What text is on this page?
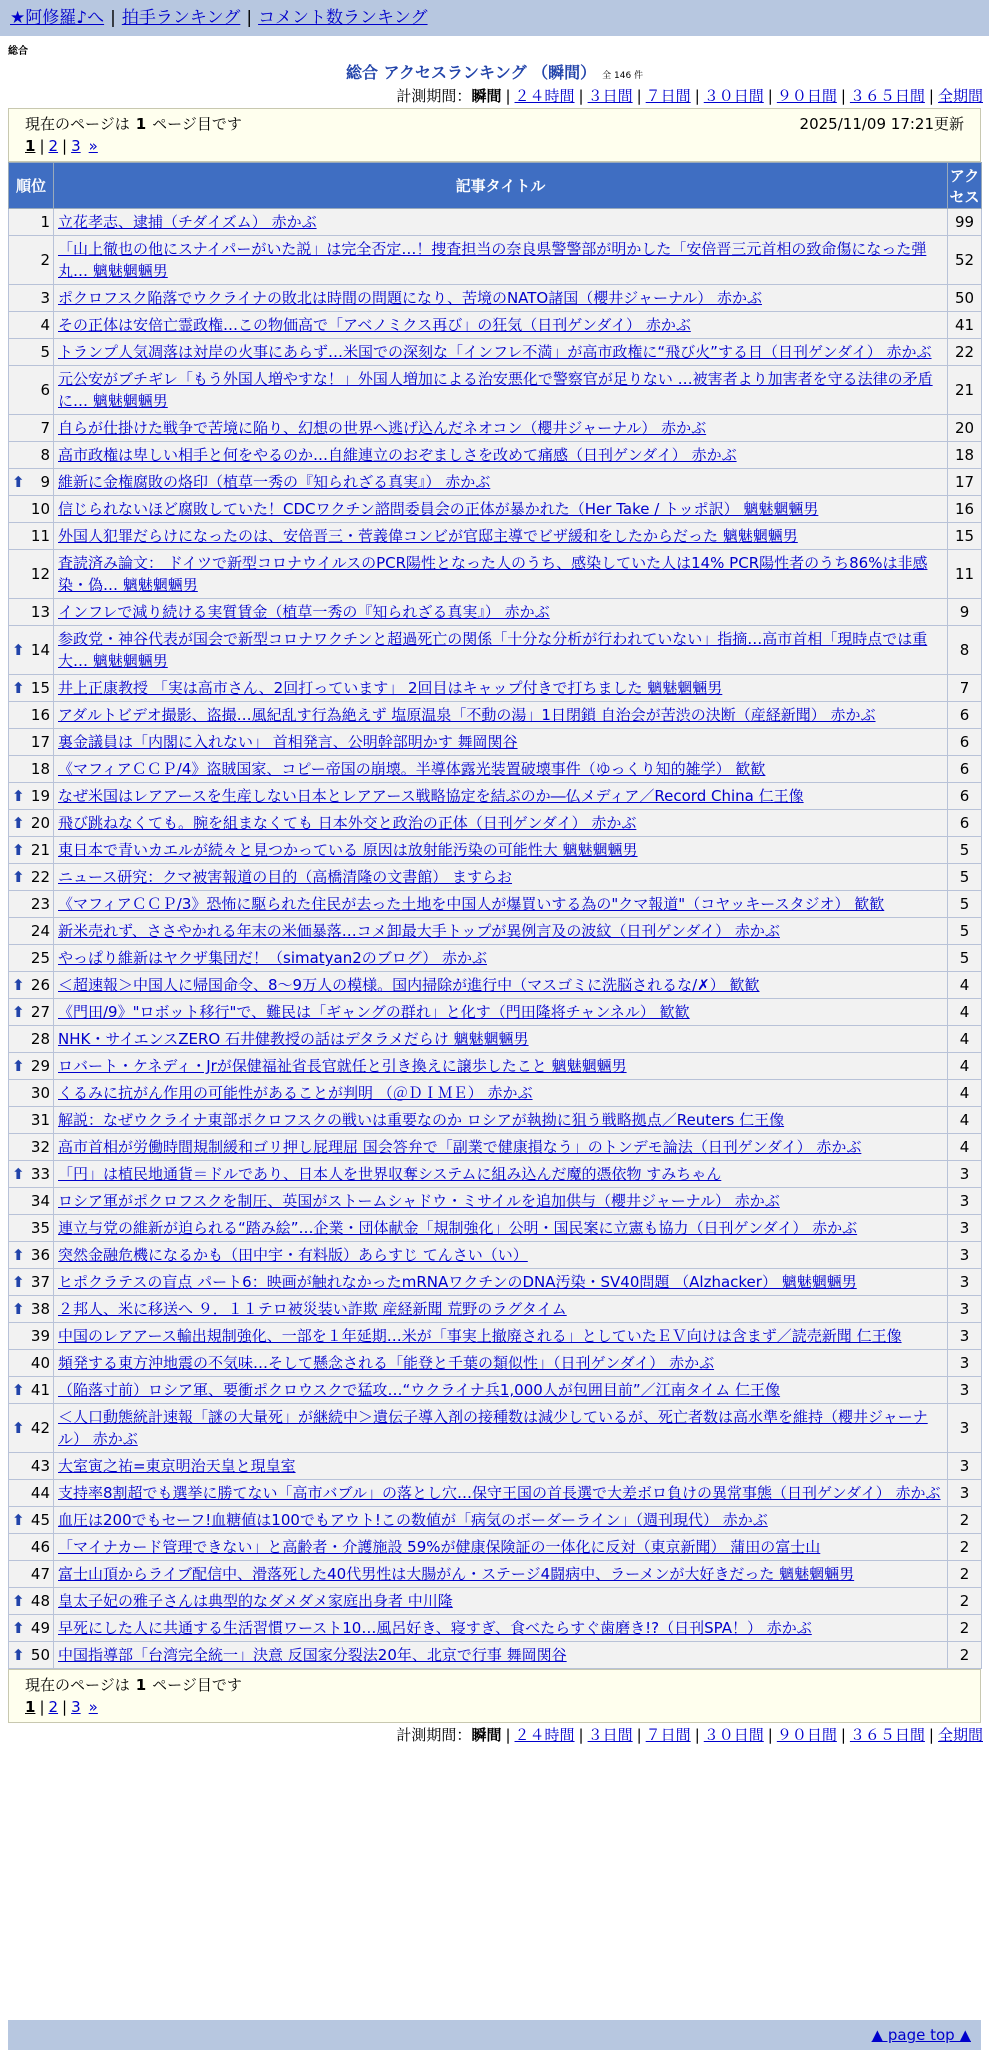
★阿修羅♪へ | 拍手ランキング | コメント数ランキング
総合
総合 アクセスランキング （瞬間） 全 146 件
計測期間：瞬間 | ２４時間 | ３日間 | ７日間 | ３０日間 | ９０日間 | ３６５日間 | 全期間
現在のページは 1 ページ目です	2025/11/09 17:21更新
1 | 2 | 3 »
順位	記事タイトル	アクセス
1	立花孝志、逮捕（チダイズム） 赤かぶ	99
2	「山上徹也の他にスナイパーがいた説」は完全否定…！捜査担当の奈良県警警部が明かした「安倍晋三元首相の致命傷になった弾丸… 魑魅魍魎男	52
3	ポクロフスク陥落でウクライナの敗北は時間の問題になり、苦境のNATO諸国（櫻井ジャーナル） 赤かぶ	50
4	その正体は安倍亡霊政権…この物価高で「アベノミクス再び」の狂気（日刊ゲンダイ） 赤かぶ	41
5	トランプ人気凋落は対岸の火事にあらず…米国での深刻な「インフレ不満」が高市政権に“飛び火”する日（日刊ゲンダイ） 赤かぶ	22
6	元公安がブチギレ「もう外国人増やすな！」外国人増加による治安悪化で警察官が足りない …被害者より加害者を守る法律の矛盾に… 魑魅魍魎男	21
7	自らが仕掛けた戦争で苦境に陥り、幻想の世界へ逃げ込んだネオコン（櫻井ジャーナル） 赤かぶ	20
8	高市政権は卑しい相手と何をやるのか…自維連立のおぞましさを改めて痛感（日刊ゲンダイ） 赤かぶ	18

⬆ 9	維新に金権腐敗の烙印（植草一秀の『知られざる真実』） 赤かぶ	17
10	信じられないほど腐敗していた！CDCワクチン諮問委員会の正体が暴かれた（Her Take / トッポ訳） 魑魅魍魎男	16
11	外国人犯罪だらけになったのは、安倍晋三・菅義偉コンビが官邸主導でビザ緩和をしたからだった 魑魅魍魎男	15
12	査読済み論文： ドイツで新型コロナウイルスのPCR陽性となった人のうち、感染していた人は14% PCR陽性者のうち86%は非感染・偽… 魑魅魍魎男	11
13	インフレで減り続ける実質賃金（植草一秀の『知られざる真実』） 赤かぶ	9

⬆ 14	参政党・神谷代表が国会で新型コロナワクチンと超過死亡の関係「十分な分析が行われていない」指摘…高市首相「現時点では重大… 魑魅魍魎男	8

⬆ 15	井上正康教授 「実は高市さん、2回打っています」 2回目はキャップ付きで打ちました 魑魅魍魎男	7
16	アダルトビデオ撮影、盗撮…風紀乱す行為絶えず 塩原温泉「不動の湯」1日閉鎖 自治会が苦渋の決断（産経新聞） 赤かぶ	6
17	裏金議員は「内閣に入れない」 首相発言、公明幹部明かす 舞岡関谷	6
18	《マフィアＣＣＰ/4》盗賊国家、コピー帝国の崩壊。半導体露光装置破壊事件（ゆっくり知的雑学） 歓歓	6

⬆ 19	なぜ米国はレアアースを生産しない日本とレアアース戦略協定を結ぶのか―仏メディア／Record China 仁王像	6

⬆ 20	飛び跳ねなくても。腕を組まなくても 日本外交と政治の正体（日刊ゲンダイ） 赤かぶ	6

⬆ 21	東日本で青いカエルが続々と見つかっている 原因は放射能汚染の可能性大 魑魅魍魎男	5

⬆ 22	ニュース研究：クマ被害報道の目的（高橋清隆の文書館） ますらお	5
23	《マフィアＣＣＰ/3》恐怖に駆られた住民が去った土地を中国人が爆買いする為の"クマ報道"（コヤッキースタジオ） 歓歓	5
24	新米売れず、ささやかれる年末の米価暴落…コメ卸最大手トップが異例言及の波紋（日刊ゲンダイ） 赤かぶ	5
25	やっぱり維新はヤクザ集団だ！（simatyan2のブログ） 赤かぶ	5

⬆ 26	＜超速報＞中国人に帰国命令、8～9万人の模様。国内掃除が進行中（マスゴミに洗脳されるな/✗） 歓歓	4

⬆ 27	《門田/9》"ロボット移行"で、難民は「ギャングの群れ」と化す（門田隆将チャンネル） 歓歓	4
28	NHK・サイエンスZERO 石井健教授の話はデタラメだらけ 魑魅魍魎男	4

⬆ 29	ロバート・ケネディ・Jrが保健福祉省長官就任と引き換えに譲歩したこと 魑魅魍魎男	4
30	くるみに抗がん作用の可能性があることが判明 （＠ＤＩＭＥ） 赤かぶ	4
31	解説：なぜウクライナ東部ポクロフスクの戦いは重要なのか ロシアが執拗に狙う戦略拠点／Reuters 仁王像	4
32	高市首相が労働時間規制緩和ゴリ押し屁理屈 国会答弁で「副業で健康損なう」のトンデモ論法（日刊ゲンダイ） 赤かぶ	4

⬆ 33	「円」は植民地通貨＝ドルであり、日本人を世界収奪システムに組み込んだ魔的憑依物 すみちゃん	3
34	ロシア軍がポクロフスクを制圧、英国がストームシャドウ・ミサイルを追加供与（櫻井ジャーナル） 赤かぶ	3
35	連立与党の維新が迫られる“踏み絵”…企業・団体献金「規制強化」公明・国民案に立憲も協力（日刊ゲンダイ） 赤かぶ	3

⬆ 36	突然金融危機になるかも（田中宇・有料版）あらすじ てんさい（い）	3

⬆ 37	ヒポクラテスの盲点 パート6：映画が触れなかったmRNAワクチンのDNA汚染・SV40問題 （Alzhacker） 魑魅魍魎男	3

⬆ 38	２邦人、米に移送へ ９．１１テロ被災装い詐欺 産経新聞 荒野のラグタイム	3
39	中国のレアアース輸出規制強化、一部を１年延期…米が「事実上撤廃される」としていたＥＶ向けは含まず／読売新聞 仁王像	3
40	頻発する東方沖地震の不気味…そして懸念される「能登と千葉の類似性」（日刊ゲンダイ） 赤かぶ	3

⬆ 41	（陥落寸前）ロシア軍、要衝ポクロウスクで猛攻…“ウクライナ兵1,000人が包囲目前”／江南タイム 仁王像	3

⬆ 42	＜人口動態統計速報「謎の大量死」が継続中＞遺伝子導入剤の接種数は減少しているが、死亡者数は高水準を維持（櫻井ジャーナル） 赤かぶ	3
43	大室寅之祐=東京明治天皇と現皇室	3
44	支持率8割超でも選挙に勝てない「高市バブル」の落とし穴…保守王国の首長選で大差ボロ負けの異常事態（日刊ゲンダイ） 赤かぶ	3

⬆ 45	血圧は200でもセーフ!血糖値は100でもアウト!この数値が「病気のボーダーライン」（週刊現代） 赤かぶ	2
46	「マイナカード管理できない」と高齢者・介護施設 59%が健康保険証の一体化に反対（東京新聞） 蒲田の富士山	2
47	富士山頂からライブ配信中、滑落死した40代男性は大腸がん・ステージ4闘病中、ラーメンが大好きだった 魑魅魍魎男	2

⬆ 48	皇太子妃の雅子さんは典型的なダメダメ家庭出身者 中川隆	2

⬆ 49	早死にした人に共通する生活習慣ワースト10…風呂好き、寝すぎ、食べたらすぐ歯磨き!?（日刊SPA！） 赤かぶ	2

⬆ 50	中国指導部「台湾完全統一」決意 反国家分裂法20年、北京で行事 舞岡関谷	2
現在のページは 1 ページ目です
1 | 2 | 3 »
計測期間：瞬間 | ２４時間 | ３日間 | ７日間 | ３０日間 | ９０日間 | ３６５日間 | 全期間
▲ page top ▲
